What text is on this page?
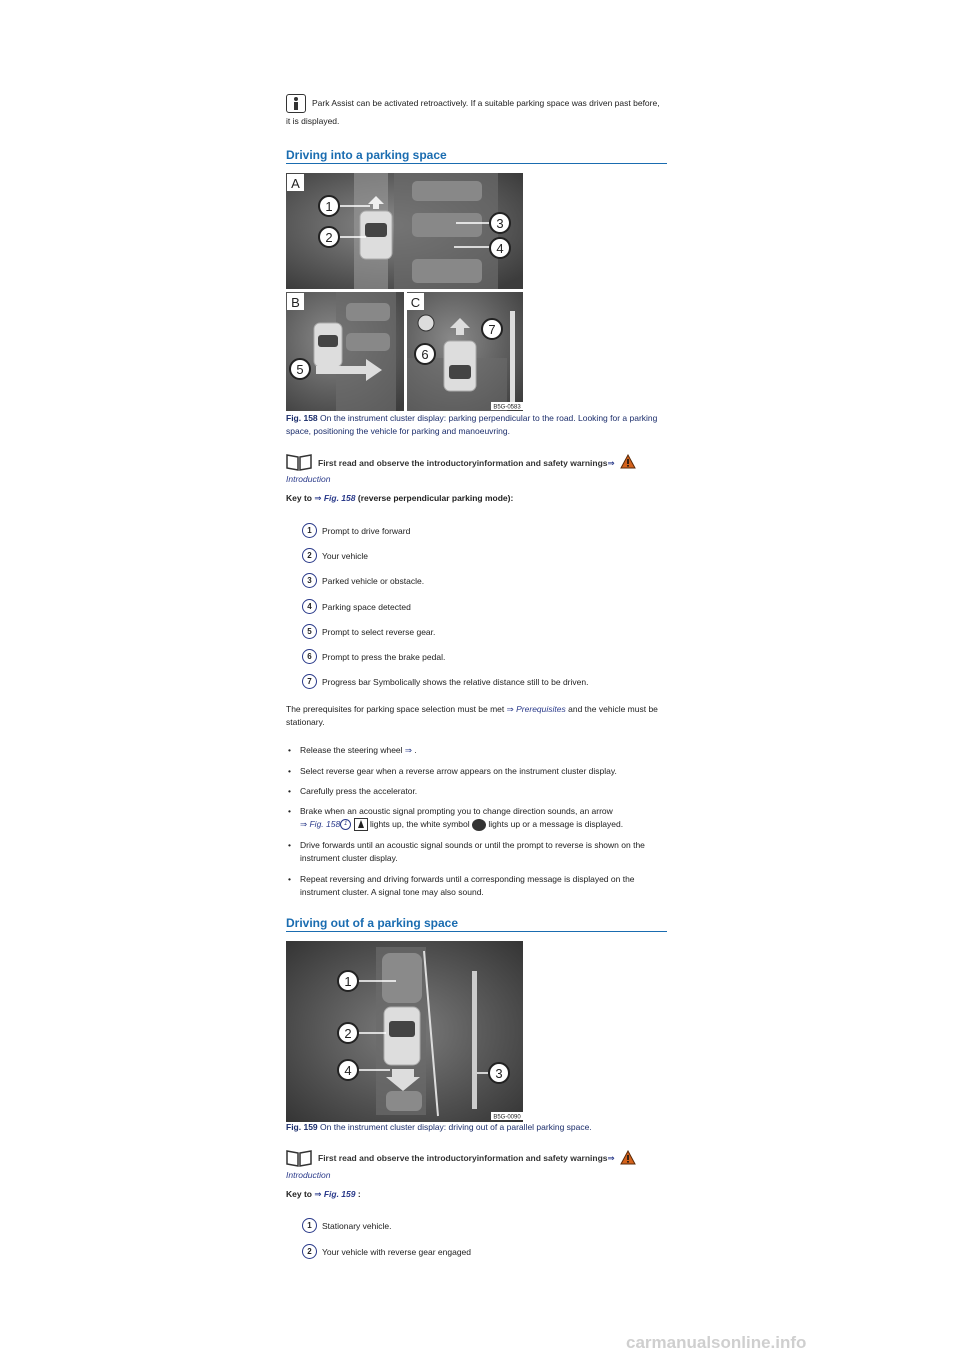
Park Assist can be activated retroactively. If a suitable parking space was driven past before,
it is displayed.
Driving into a parking space
A
1
2
3
4
B
5
C
6
7
B5G-0583
Fig. 158 On the instrument cluster display: parking perpendicular to the road. Looking for a parking
space, positioning the vehicle for parking and manoeuvring.
First read and observe the introductoryinformation and safety warnings⇒
Introduction
Key to ⇒ Fig. 158 (reverse perpendicular parking mode):
1	Prompt to drive forward
2	Your vehicle
3	Parked vehicle or obstacle.
4	Parking space detected
5	Prompt to select reverse gear.
6	Prompt to press the brake pedal.
7	Progress bar Symbolically shows the relative distance still to be driven.
The prerequisites for parking space selection must be met ⇒ Prerequisites and the vehicle must be
stationary.
• Release the steering wheel ⇒ .
• Select reverse gear when a reverse arrow appears on the instrument cluster display.
• Carefully press the accelerator.
• Brake when an acoustic signal prompting you to change direction sounds, an arrow
⇒ Fig. 158 1	lights up, the white symbol lights up or a message is displayed.
• Drive forwards until an acoustic signal sounds or until the prompt to reverse is shown on the
instrument cluster display.
• Repeat reversing and driving forwards until a corresponding message is displayed on the
instrument cluster. A signal tone may also sound.
Driving out of a parking space
1
2
4	3
B5G-0090
Fig. 159 On the instrument cluster display: driving out of a parallel parking space.
First read and observe the introductoryinformation and safety warnings⇒
Introduction
Key to ⇒ Fig. 159 :
1	Stationary vehicle.
2	Your vehicle with reverse gear engaged
carmanualsonline.info
